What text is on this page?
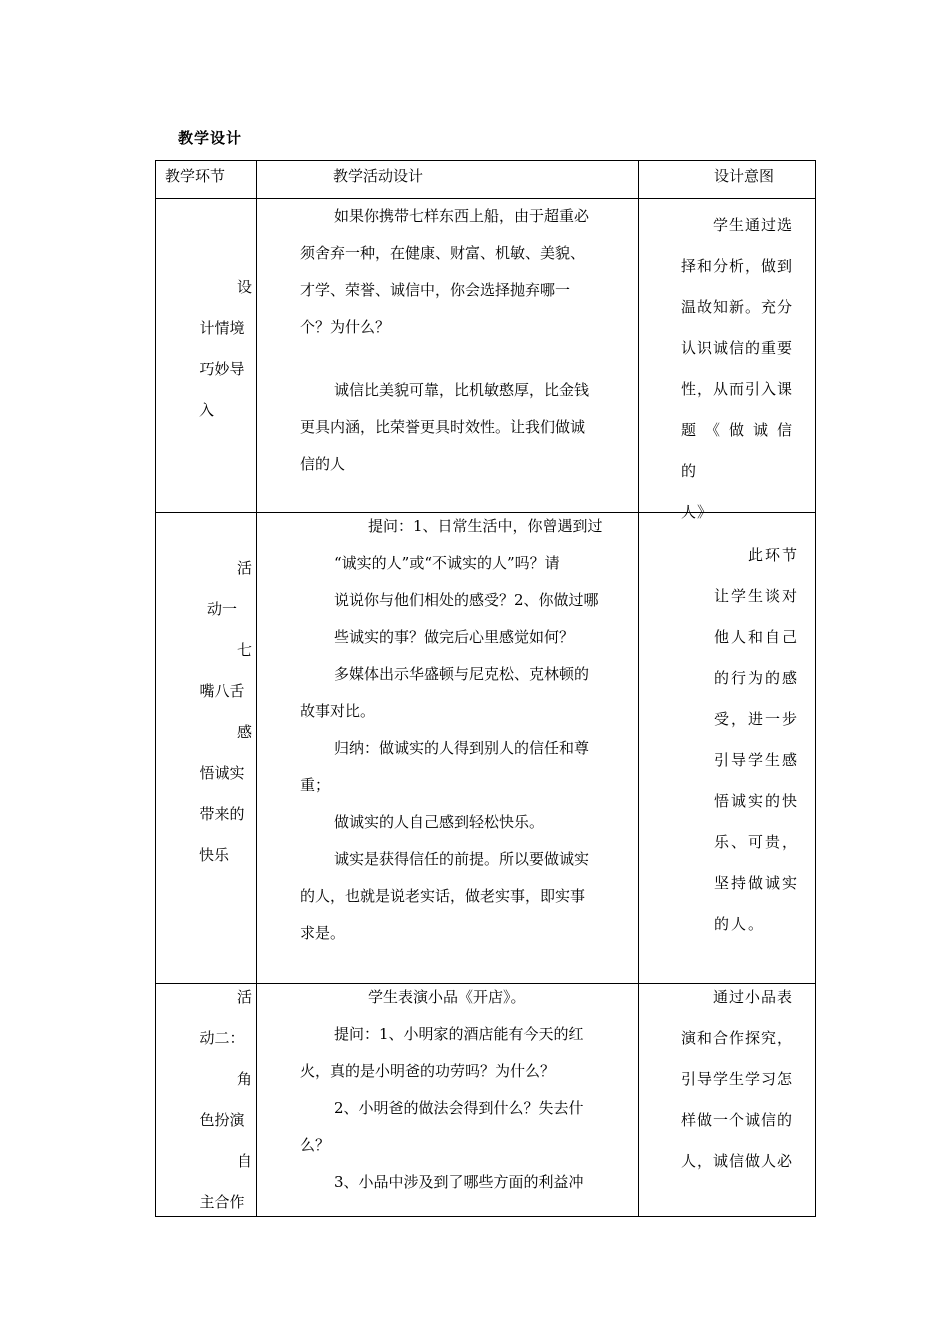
教学设计
教学环节	教学活动设计	设计意图

设

计情境

巧妙导

入

如果你携带七样东西上船，由于超重必

须舍弃一种，在健康、财富、机敏、美貌、

才学、荣誉、诚信中，你会选择抛弃哪一

个？为什么？

诚信比美貌可靠，比机敏憨厚，比金钱

更具内涵，比荣誉更具时效性。让我们做诚

信的人

学生通过选

择和分析，做到

温故知新。充分

认识诚信的重要

性，从而引入课

题《做诚信的

人》

活

动一

七

嘴八舌

感

悟诚实

带来的

快乐

提问：1、日常生活中，你曾遇到过

“诚实的人”或“不诚实的人”吗？请

说说你与他们相处的感受？2、你做过哪

些诚实的事？做完后心里感觉如何？

多媒体出示华盛顿与尼克松、克林顿的

故事对比。

归纳：做诚实的人得到别人的信任和尊

重；

做诚实的人自己感到轻松快乐。

诚实是获得信任的前提。所以要做诚实

的人，也就是说老实话，做老实事，即实事

求是。

此环节

让学生谈对

他人和自己

的行为的感

受，进一步

引导学生感

悟诚实的快

乐、可贵，

坚持做诚实

的人。

活

动二：

角

色扮演

自

主合作

学生表演小品《开店》。

提问：1、小明家的酒店能有今天的红

火，真的是小明爸的功劳吗？为什么？

2、小明爸的做法会得到什么？失去什

么？

3、小品中涉及到了哪些方面的利益冲

通过小品表

演和合作探究，

引导学生学习怎

样做一个诚信的

人，诚信做人必
